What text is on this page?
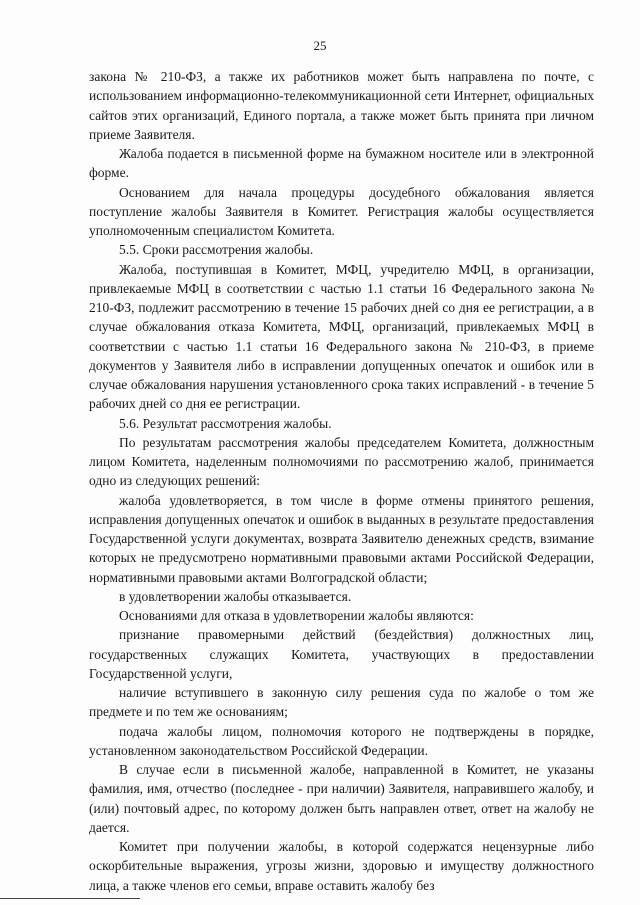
25

закона № 210-ФЗ, а также их работников может быть направлена по почте, с использованием информационно-телекоммуникационной сети Интернет, официальных сайтов этих организаций, Единого портала, а также может быть принята при личном приеме Заявителя.

Жалоба подается в письменной форме на бумажном носителе или в электронной форме.

Основанием для начала процедуры досудебного обжалования является поступление жалобы Заявителя в Комитет. Регистрация жалобы осуществляется уполномоченным специалистом Комитета.

5.5. Сроки рассмотрения жалобы.

Жалоба, поступившая в Комитет, МФЦ, учредителю МФЦ, в организации, привлекаемые МФЦ в соответствии с частью 1.1 статьи 16 Федерального закона № 210-ФЗ, подлежит рассмотрению в течение 15 рабочих дней со дня ее регистрации, а в случае обжалования отказа Комитета, МФЦ, организаций, привлекаемых МФЦ в соответствии с частью 1.1 статьи 16 Федерального закона № 210-ФЗ, в приеме документов у Заявителя либо в исправлении допущенных опечаток и ошибок или в случае обжалования нарушения установленного срока таких исправлений - в течение 5 рабочих дней со дня ее регистрации.

5.6. Результат рассмотрения жалобы.

По результатам рассмотрения жалобы председателем Комитета, должностным лицом Комитета, наделенным полномочиями по рассмотрению жалоб, принимается одно из следующих решений:

жалоба удовлетворяется, в том числе в форме отмены принятого решения, исправления допущенных опечаток и ошибок в выданных в результате предоставления Государственной услуги документах, возврата Заявителю денежных средств, взимание которых не предусмотрено нормативными правовыми актами Российской Федерации, нормативными правовыми актами Волгоградской области;

в удовлетворении жалобы отказывается.

Основаниями для отказа в удовлетворении жалобы являются:

признание правомерными действий (бездействия) должностных лиц, государственных служащих Комитета, участвующих в предоставлении Государственной услуги,

наличие вступившего в законную силу решения суда по жалобе о том же предмете и по тем же основаниям;

подача жалобы лицом, полномочия которого не подтверждены в порядке, установленном законодательством Российской Федерации.

В случае если в письменной жалобе, направленной в Комитет, не указаны фамилия, имя, отчество (последнее - при наличии) Заявителя, направившего жалобу, и (или) почтовый адрес, по которому должен быть направлен ответ, ответ на жалобу не дается.

Комитет при получении жалобы, в которой содержатся нецензурные либо оскорбительные выражения, угрозы жизни, здоровью и имуществу должностного лица, а также членов его семьи, вправе оставить жалобу без
